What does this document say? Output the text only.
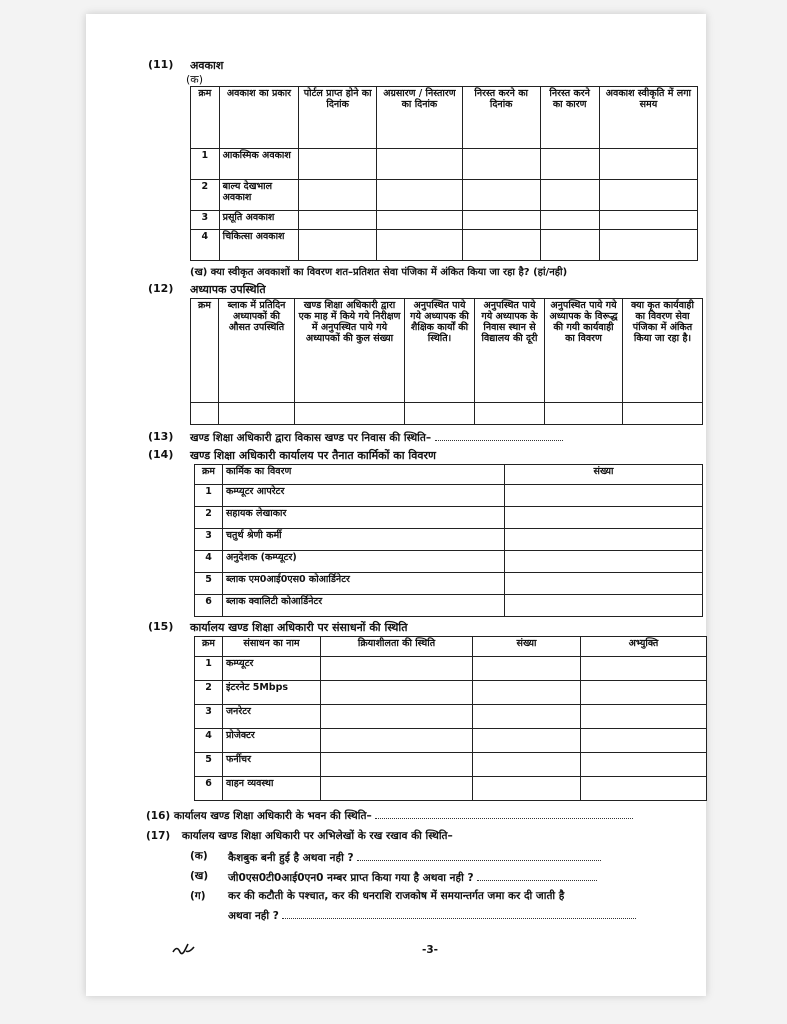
(11) अवकाश
(क)
क्रम	अवकाश का प्रकार	पोर्टल प्राप्त होने का दिनांक	अग्रसारण / निस्तारण का दिनांक	निरस्त करने का दिनांक	निरस्त करने का कारण	अवकाश स्वीकृति में लगा समय
1	आकस्मिक अवकाश					
2	बाल्य देखभाल अवकाश					
3	प्रसूति अवकाश					
4	चिकित्सा अवकाश					
(ख) क्या स्वीकृत अवकाशों का विवरण शत–प्रतिशत सेवा पंजिका में अंकित किया जा रहा है? (हां/नही)
(12) अध्यापक उपस्थिति
क्रम	ब्लाक में प्रतिदिन अध्यापकों की औसत उपस्थिति	खण्ड शिक्षा अधिकारी द्वारा एक माह में किये गये निरीक्षण में अनुपस्थित पाये गये अध्यापकों की कुल संख्या	अनुपस्थित पाये गये अध्यापक की शैक्षिक कार्यों की स्थिति।	अनुपस्थित पाये गये अध्यापक के निवास स्थान से विद्यालय की दूरी	अनुपस्थित पाये गये अध्यापक के विरूद्ध की गयी कार्यवाही का विवरण	क्या कृत कार्यवाही का विवरण सेवा पंजिका में अंकित किया जा रहा है।

(13) खण्ड शिक्षा अधिकारी द्वारा विकास खण्ड पर निवास की स्थिति–
(14) खण्ड शिक्षा अधिकारी कार्यालय पर तैनात कार्मिकों का विवरण
क्रम	कार्मिक का विवरण	संख्या
1	कम्प्यूटर आपरेटर	
2	सहायक लेखाकार	
3	चतुर्थ श्रेणी कर्मी	
4	अनुदेशक (कम्प्यूटर)	
5	ब्लाक एम0आई0एस0 कोआर्डिनेटर	
6	ब्लाक क्वालिटी कोआर्डिनेटर	
(15) कार्यालय खण्ड शिक्षा अधिकारी पर संसाधनों की स्थिति
क्रम	संसाधन का नाम	क्रियाशीलता की स्थिति	संख्या	अभ्युक्ति
1	कम्प्यूटर			
2	इंटरनेट 5Mbps			
3	जनरेटर			
4	प्रोजेक्टर			
5	फर्नीचर			
6	वाहन व्यवस्था			
(16) कार्यालय खण्ड शिक्षा अधिकारी के भवन की स्थिति–
(17) कार्यालय खण्ड शिक्षा अधिकारी पर अभिलेखों के रख रखाव की स्थिति–
(क) कैशबुक बनी हुई है अथवा नही ?
(ख) जी0एस0टी0आई0एन0 नम्बर प्राप्त किया गया है अथवा नही ?
(ग) कर की कटौती के पश्चात, कर की धनराशि राजकोष में समयान्तर्गत जमा कर दी जाती है
अथवा नही ?
-3-
